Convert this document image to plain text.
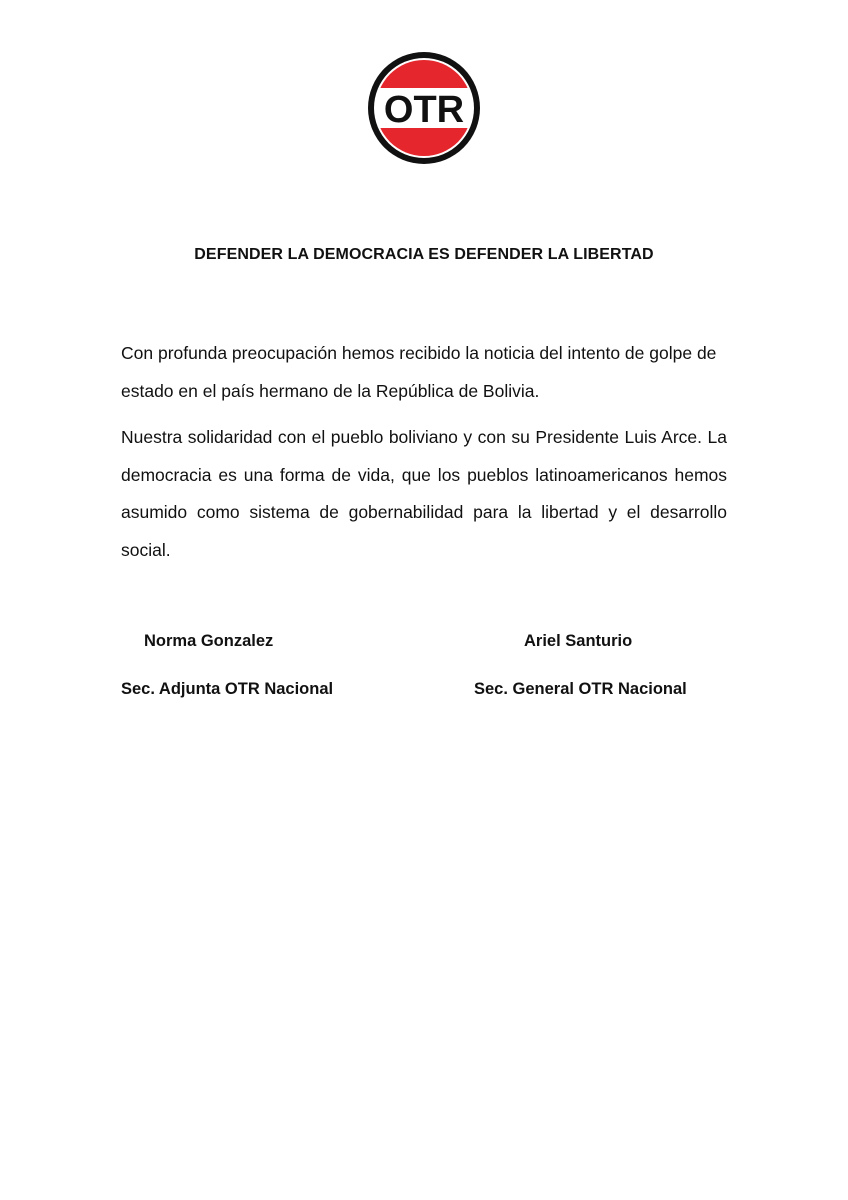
OTR
DEFENDER LA DEMOCRACIA ES DEFENDER LA LIBERTAD

Con profunda preocupación hemos recibido la noticia del intento de golpe de estado en el país hermano de la República de Bolivia.

Nuestra solidaridad con el pueblo boliviano y con su Presidente Luis Arce. La democracia es una forma de vida, que los pueblos latinoamericanos hemos asumido como sistema de gobernabilidad para la libertad y el desarrollo social.

Norma Gonzalez
Sec. Adjunta OTR Nacional
Ariel Santurio
Sec. General OTR Nacional
